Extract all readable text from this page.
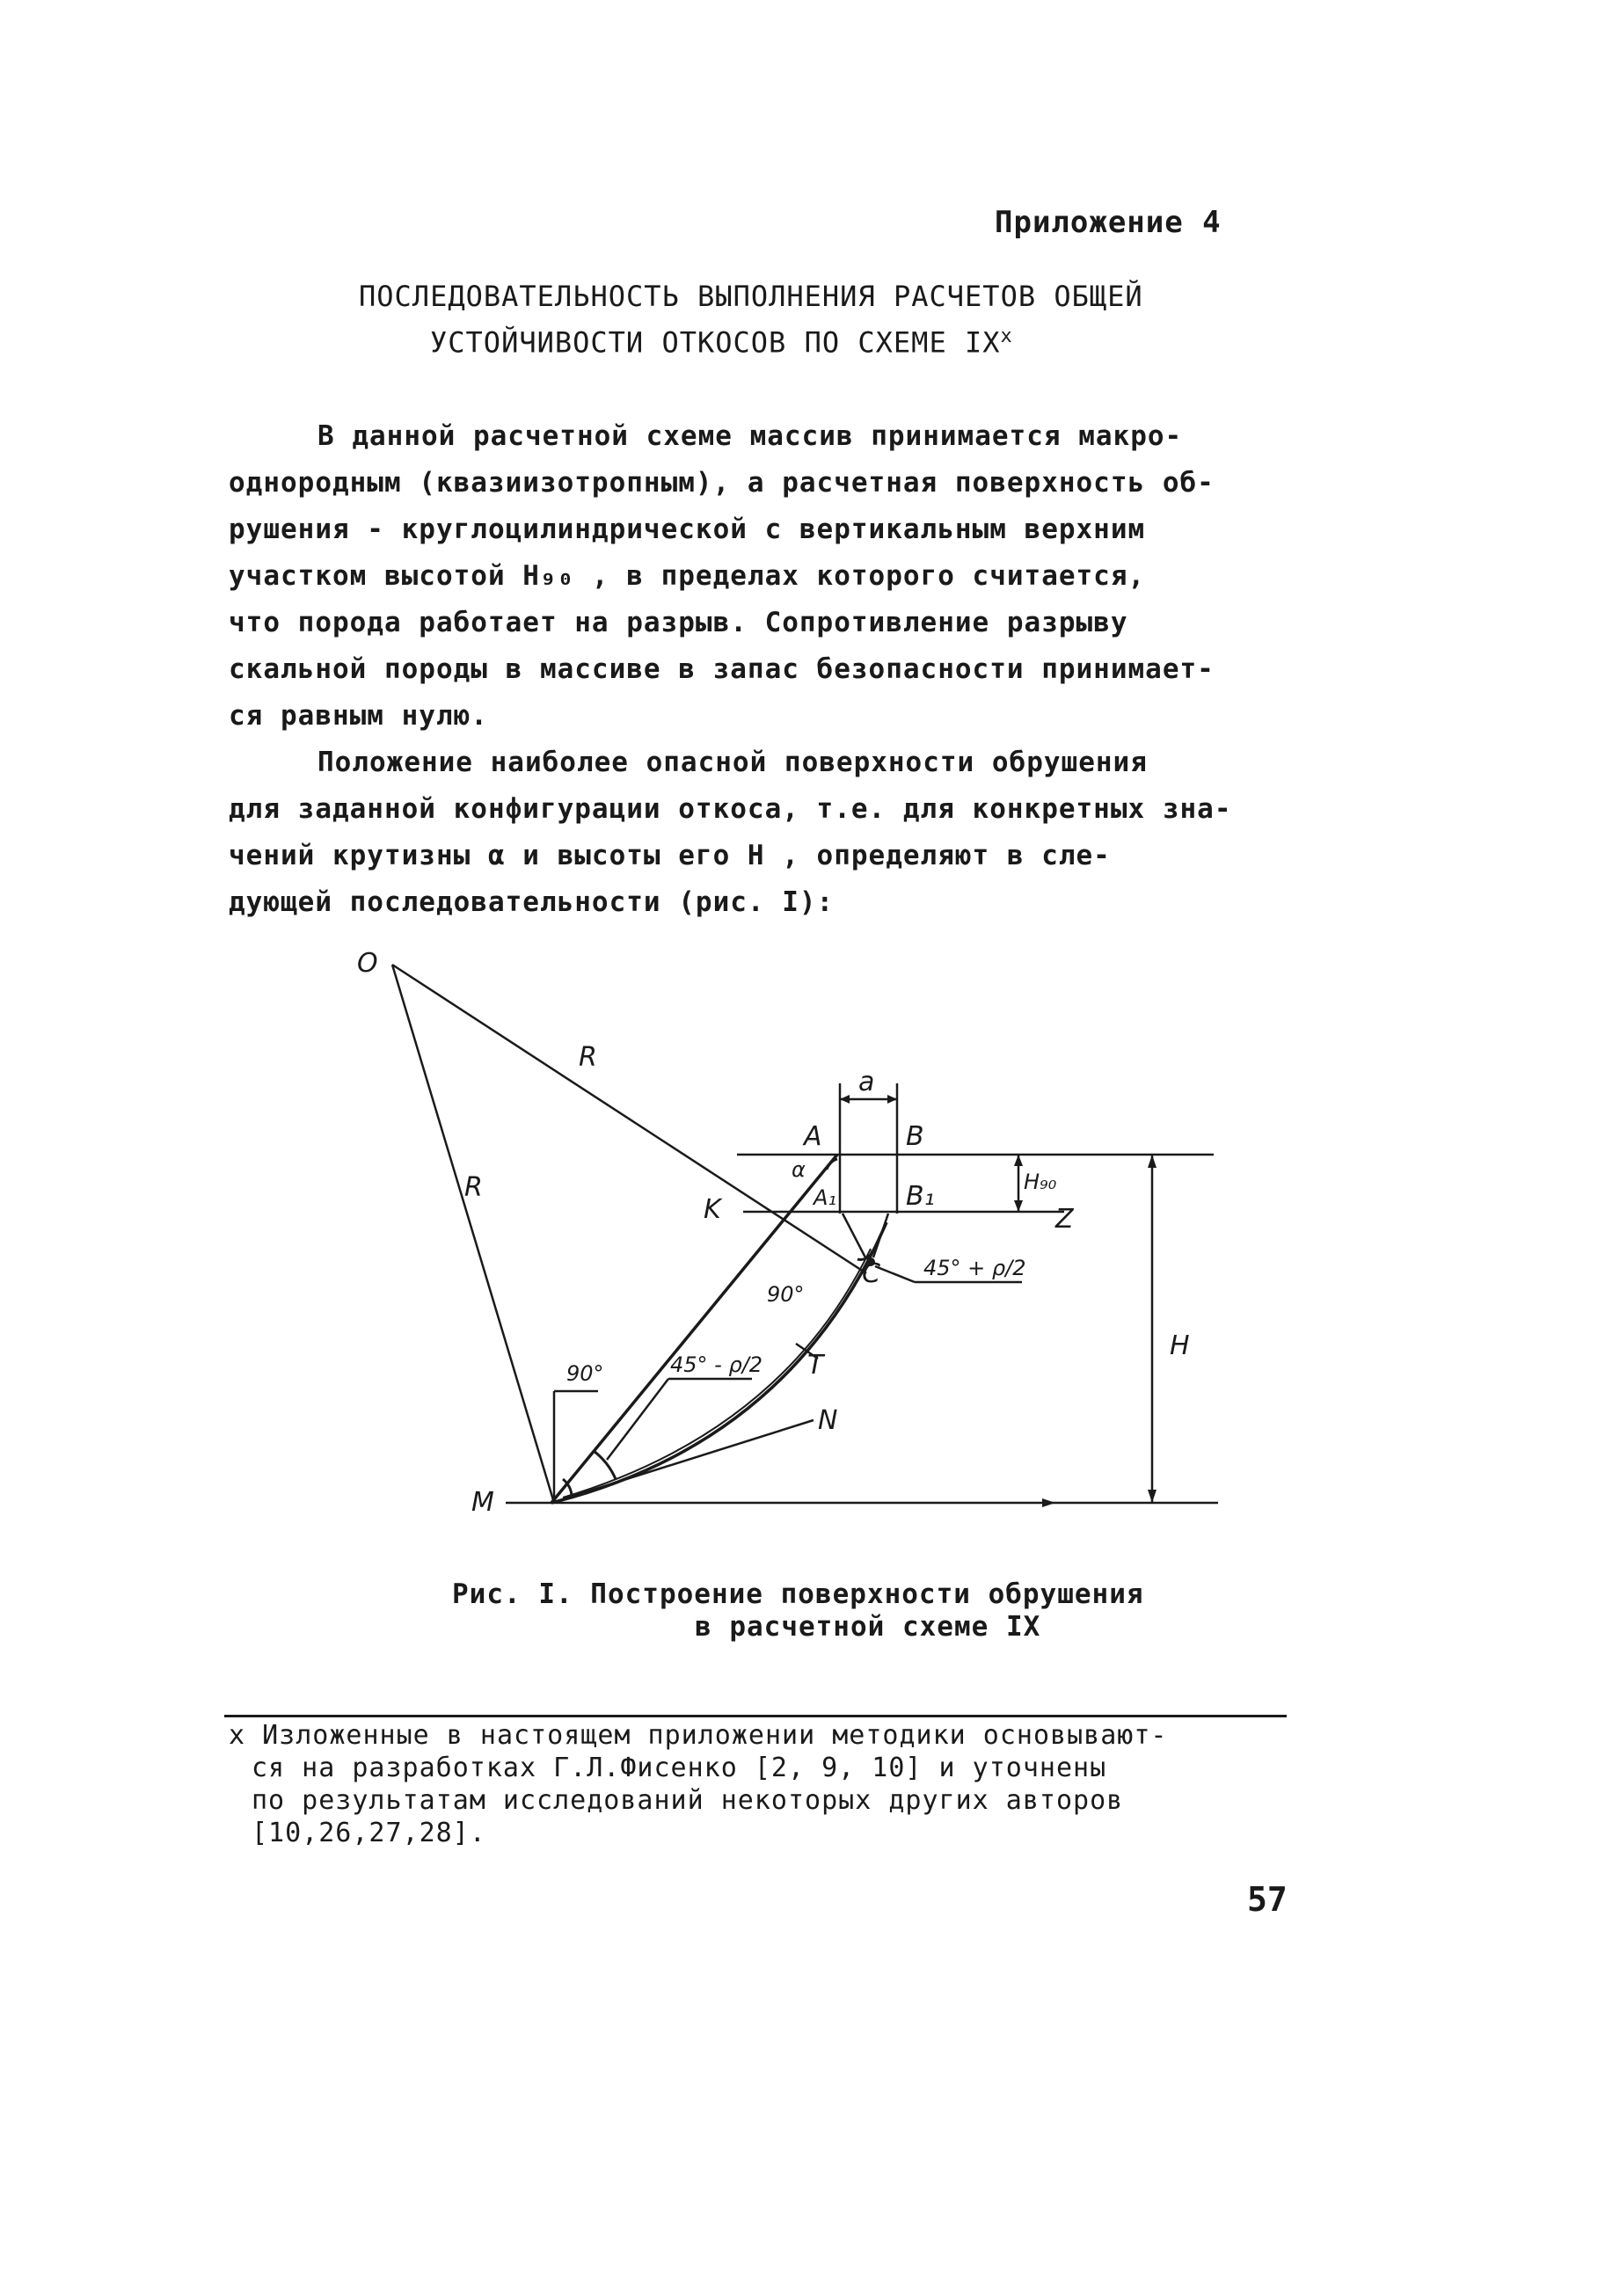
Приложение 4
ПОСЛЕДОВАТЕЛЬНОСТЬ ВЫПОЛНЕНИЯ РАСЧЕТОВ ОБЩЕЙ
УСТОЙЧИВОСТИ ОТКОСОВ ПО СХЕМЕ $IX^x$
В данной расчетной схеме массив принимается макро-
однородным (квазиизотропным), а расчетная поверхность об-
рушения - круглоцилиндрической с вертикальным верхним
участком высотой H₉₀ , в пределах которого считается,
что порода работает на разрыв. Сопротивление разрыву
скальной породы в массиве в запас безопасности принимает-
ся равным нулю.
Положение наиболее опасной поверхности обрушения
для заданной конфигурации откоса, т.е. для конкретных зна-
чений крутизны α и высоты его H , определяют в сле-
дующей последовательности (рис. I):
O
R
R
A
α
A₁
a
B
B₁
K
H₉₀
Z
C 45° + ρ/2
90°
45° - ρ/2
90°	T
N
M
H
Рис. I. Построение поверхности обрушения
в расчетной схеме IX
x Изложенные в настоящем приложении методики основывают-
ся на разработках Г.Л.Фисенко [2, 9, 10] и уточнены
по результатам исследований некоторых других авторов
[10,26,27,28].
57
